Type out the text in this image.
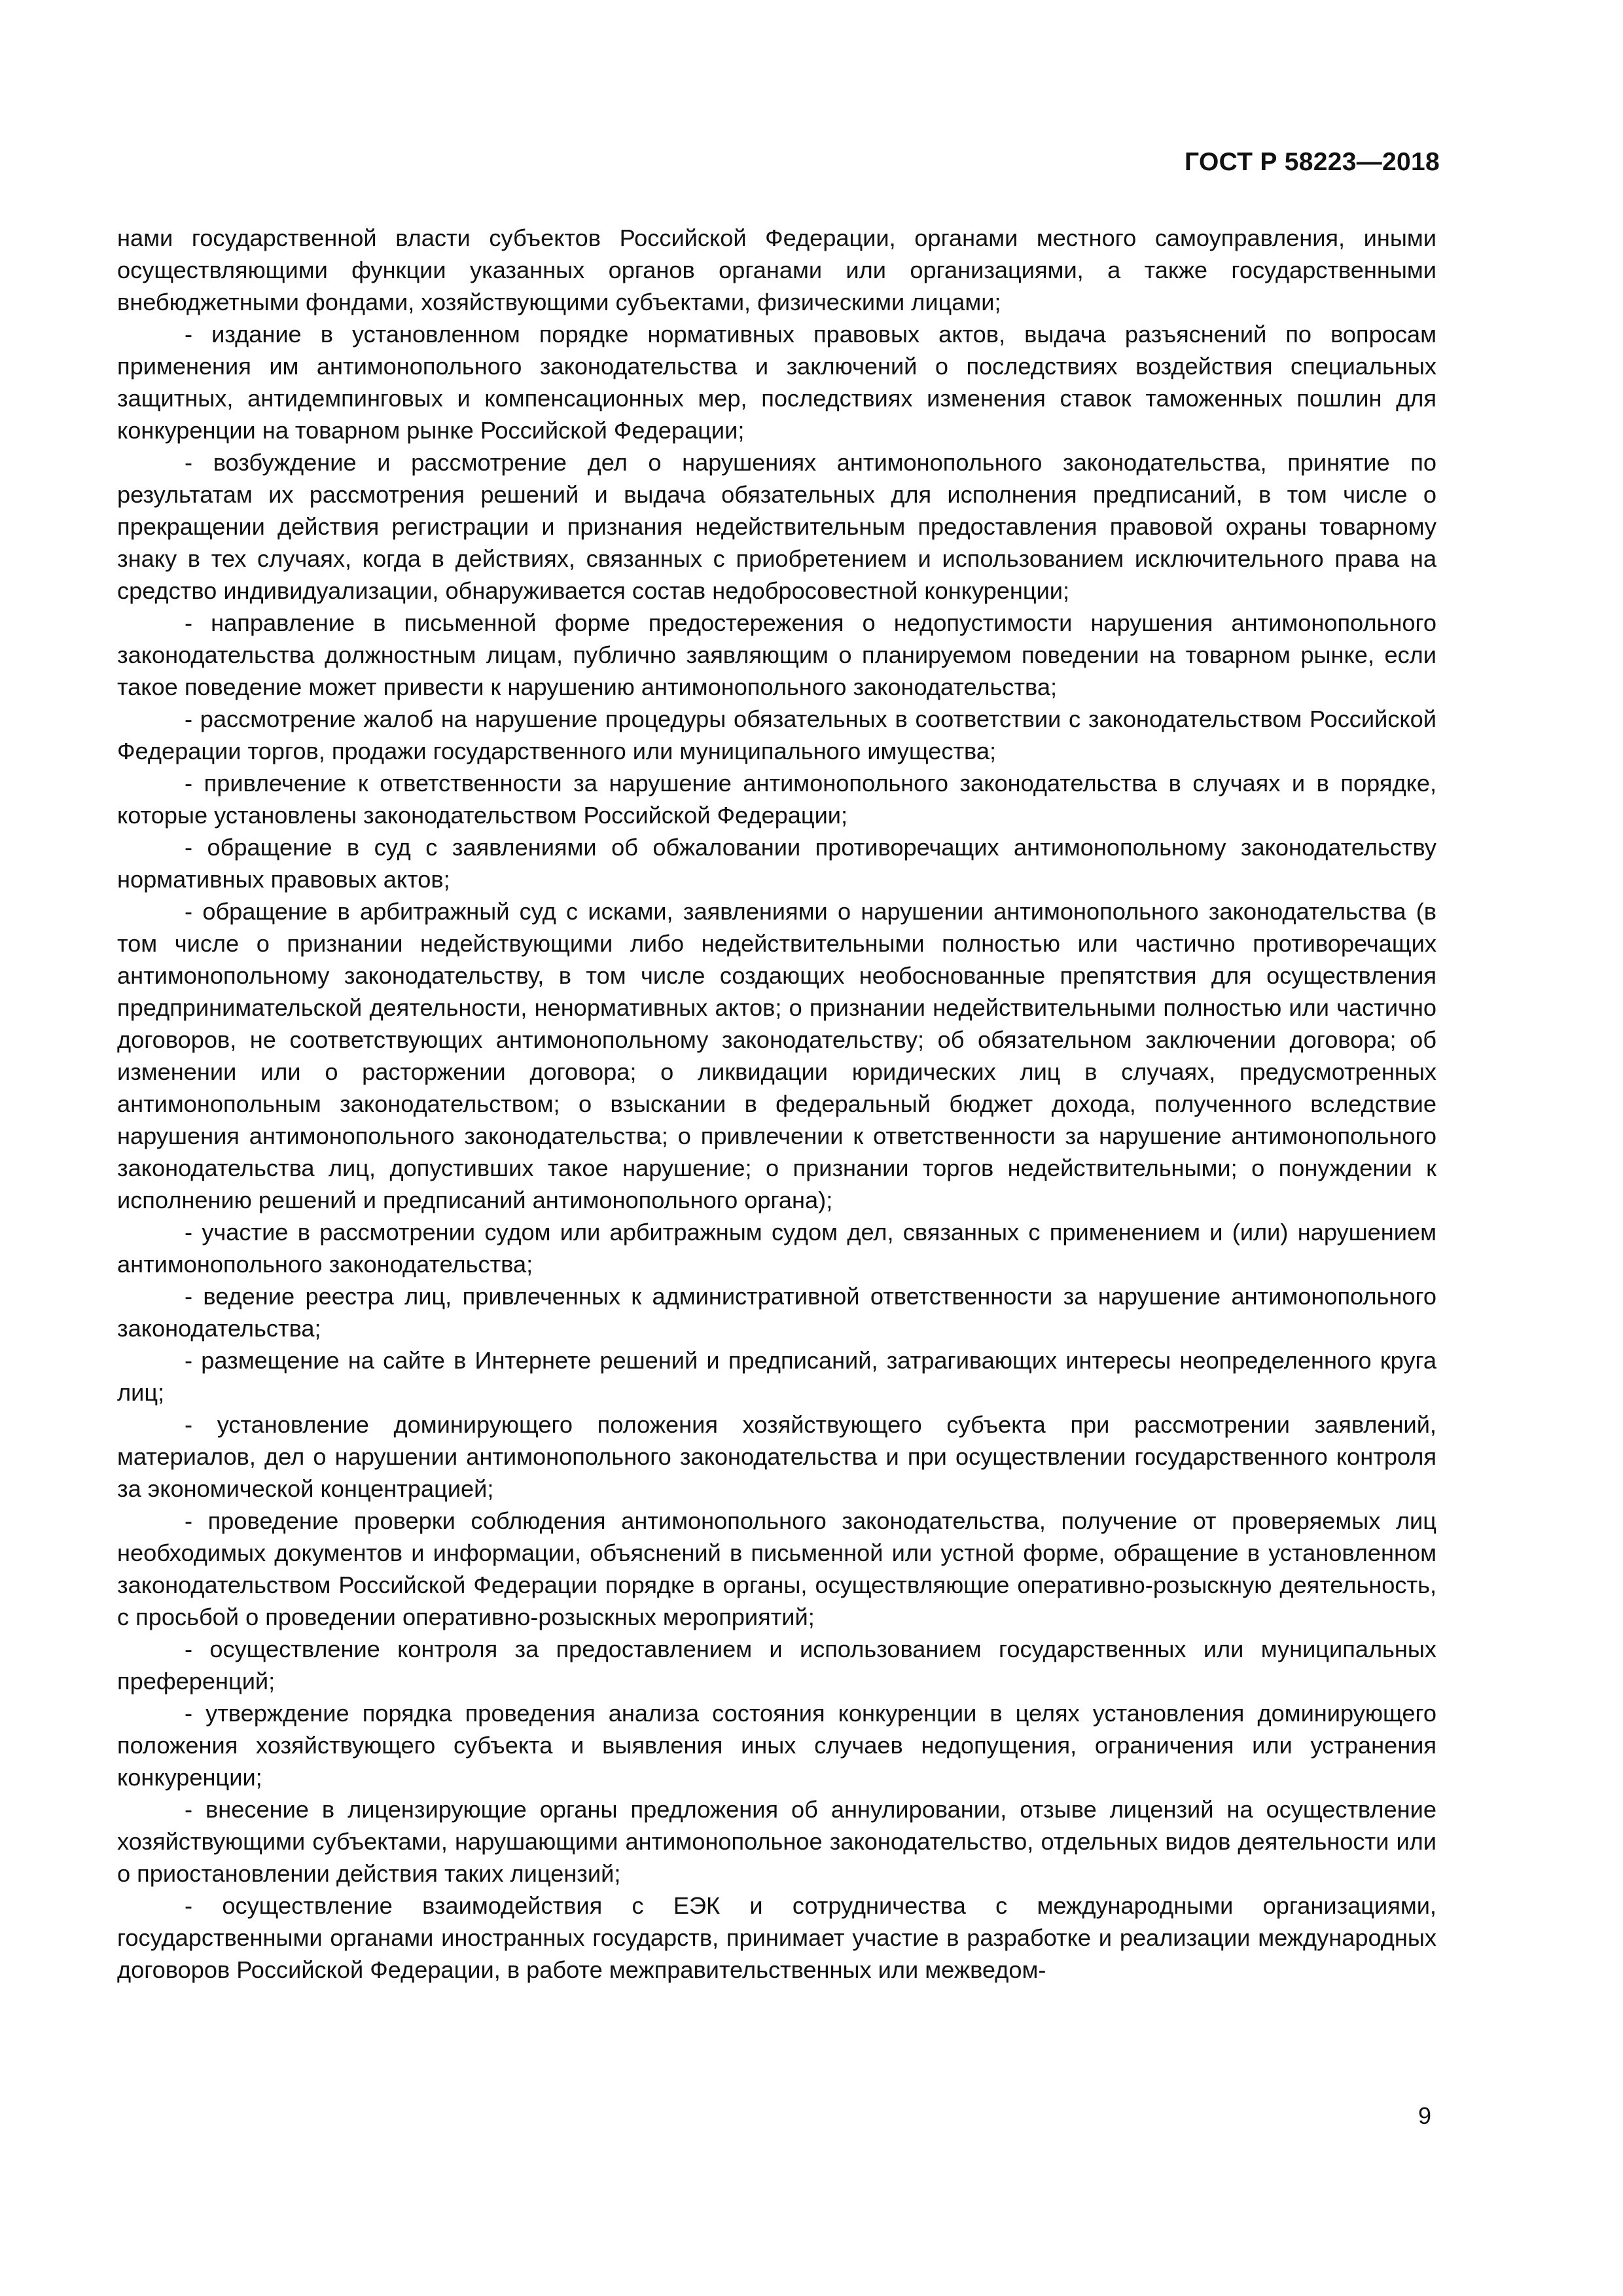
ГОСТ Р 58223—2018

нами государственной власти субъектов Российской Федерации, органами местного самоуправления, иными осуществляющими функции указанных органов органами или организациями, а также государственными внебюджетными фондами, хозяйствующими субъектами, физическими лицами;

- издание в установленном порядке нормативных правовых актов, выдача разъяснений по вопросам применения им антимонопольного законодательства и заключений о последствиях воздействия специальных защитных, антидемпинговых и компенсационных мер, последствиях изменения ставок таможенных пошлин для конкуренции на товарном рынке Российской Федерации;

- возбуждение и рассмотрение дел о нарушениях антимонопольного законодательства, принятие по результатам их рассмотрения решений и выдача обязательных для исполнения предписаний, в том числе о прекращении действия регистрации и признания недействительным предоставления правовой охраны товарному знаку в тех случаях, когда в действиях, связанных с приобретением и использованием исключительного права на средство индивидуализации, обнаруживается состав недобросовестной конкуренции;

- направление в письменной форме предостережения о недопустимости нарушения антимонопольного законодательства должностным лицам, публично заявляющим о планируемом поведении на товарном рынке, если такое поведение может привести к нарушению антимонопольного законодательства;

- рассмотрение жалоб на нарушение процедуры обязательных в соответствии с законодательством Российской Федерации торгов, продажи государственного или муниципального имущества;

- привлечение к ответственности за нарушение антимонопольного законодательства в случаях и в порядке, которые установлены законодательством Российской Федерации;

- обращение в суд с заявлениями об обжаловании противоречащих антимонопольному законодательству нормативных правовых актов;

- обращение в арбитражный суд с исками, заявлениями о нарушении антимонопольного законодательства (в том числе о признании недействующими либо недействительными полностью или частично противоречащих антимонопольному законодательству, в том числе создающих необоснованные препятствия для осуществления предпринимательской деятельности, ненормативных актов; о признании недействительными полностью или частично договоров, не соответствующих антимонопольному законодательству; об обязательном заключении договора; об изменении или о расторжении договора; о ликвидации юридических лиц в случаях, предусмотренных антимонопольным законодательством; о взыскании в федеральный бюджет дохода, полученного вследствие нарушения антимонопольного законодательства; о привлечении к ответственности за нарушение антимонопольного законодательства лиц, допустивших такое нарушение; о признании торгов недействительными; о понуждении к исполнению решений и предписаний антимонопольного органа);

- участие в рассмотрении судом или арбитражным судом дел, связанных с применением и (или) нарушением антимонопольного законодательства;

- ведение реестра лиц, привлеченных к административной ответственности за нарушение антимонопольного законодательства;

- размещение на сайте в Интернете решений и предписаний, затрагивающих интересы неопределенного круга лиц;

- установление доминирующего положения хозяйствующего субъекта при рассмотрении заявлений, материалов, дел о нарушении антимонопольного законодательства и при осуществлении государственного контроля за экономической концентрацией;

- проведение проверки соблюдения антимонопольного законодательства, получение от проверяемых лиц необходимых документов и информации, объяснений в письменной или устной форме, обращение в установленном законодательством Российской Федерации порядке в органы, осуществляющие оперативно-розыскную деятельность, с просьбой о проведении оперативно-розыскных мероприятий;

- осуществление контроля за предоставлением и использованием государственных или муниципальных преференций;

- утверждение порядка проведения анализа состояния конкуренции в целях установления доминирующего положения хозяйствующего субъекта и выявления иных случаев недопущения, ограничения или устранения конкуренции;

- внесение в лицензирующие органы предложения об аннулировании, отзыве лицензий на осуществление хозяйствующими субъектами, нарушающими антимонопольное законодательство, отдельных видов деятельности или о приостановлении действия таких лицензий;

- осуществление взаимодействия с ЕЭК и сотрудничества с международными организациями, государственными органами иностранных государств, принимает участие в разработке и реализации международных договоров Российской Федерации, в работе межправительственных или межведом-

9
